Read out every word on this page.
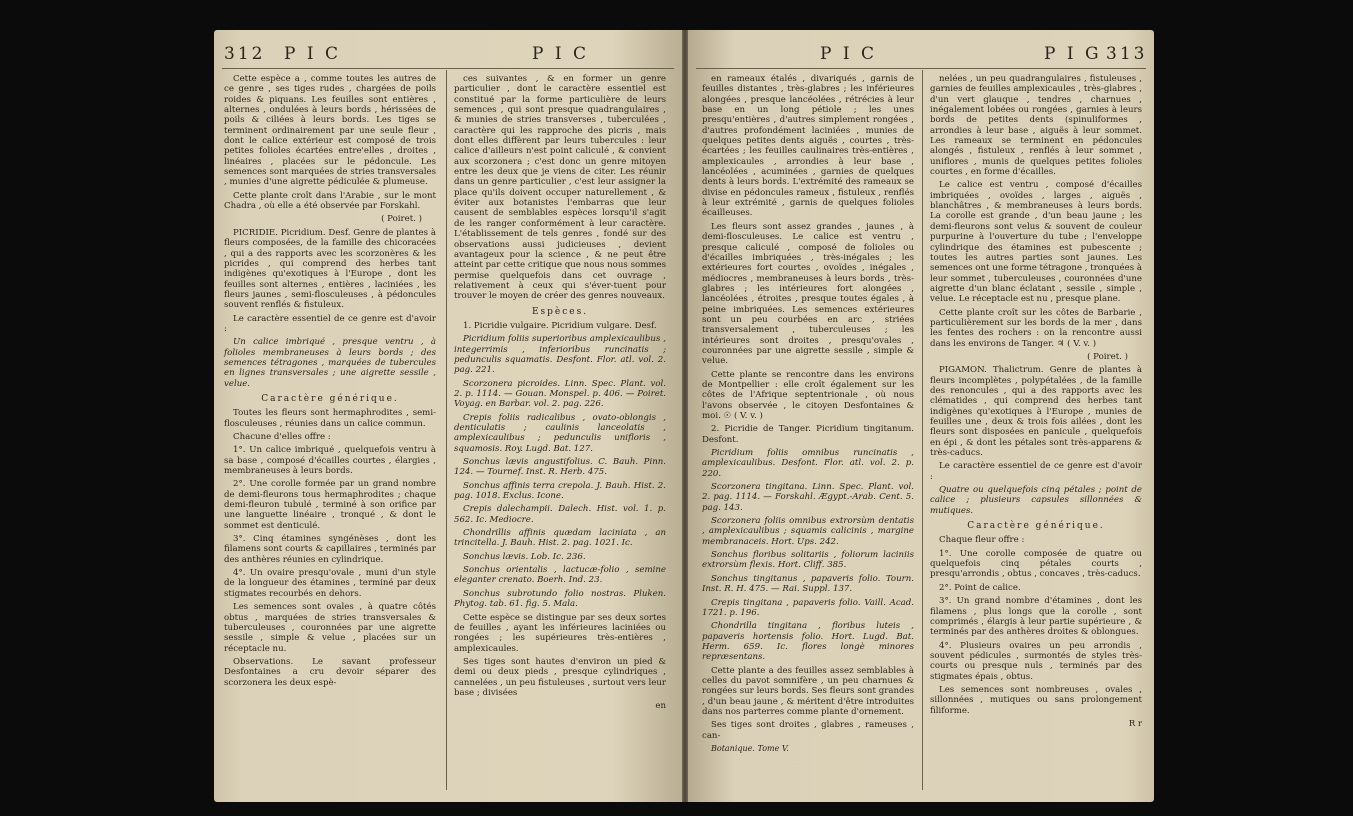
312 P I C	P I C

Cette espèce a , comme toutes les autres de ce genre , ses tiges rudes , chargées de poils roides & piquans. Les feuilles sont entières , alternes , ondulées à leurs bords , hérissées de poils & ciliées à leurs bords. Les tiges se terminent ordinairement par une seule fleur , dont le calice extérieur est composé de trois petites folioles écartées entre'elles , droites , linéaires , placées sur le pédoncule. Les semences sont marquées de stries transversales , munies d'une aigrette pédiculée & plumeuse.

Cette plante croît dans l'Arabie , sur le mont Chadra , où elle a été observée par Forskahl.

( Poiret. )

PICRIDIE. Picridium. Desf. Genre de plantes à fleurs composées, de la famille des chicoracées , qui a des rapports avec les scorzonères & les picrides , qui comprend des herbes tant indigènes qu'exotiques à l'Europe , dont les feuilles sont alternes , entières , laciniées , les fleurs jaunes , semi-flosculeuses , à pédoncules souvent renflés & fistuleux.

Le caractère essentiel de ce genre est d'avoir :

Un calice imbriqué , presque ventru , à folioles membraneuses à leurs bords ; des semences tétragones , marquées de tubercules en lignes transversales ; une aigrette sessile , velue.

Caractère générique.

Toutes les fleurs sont hermaphrodites , semi-flosculeuses , réunies dans un calice commun.

Chacune d'elles offre :

1°. Un calice imbriqué , quelquefois ventru à sa base , composé d'écailles courtes , élargies , membraneuses à leurs bords.

2°. Une corolle formée par un grand nombre de demi-fleurons tous hermaphrodites ; chaque demi-fleuron tubulé , terminé à son orifice par une languette linéaire , tronqué , & dont le sommet est denticulé.

3°. Cinq étamines syngénèses , dont les filamens sont courts & capillaires , terminés par des anthères réunies en cylindrique.

4°. Un ovaire presqu'ovale , muni d'un style de la longueur des étamines , terminé par deux stigmates recourbés en dehors.

Les semences sont ovales , à quatre côtés obtus , marquées de stries transversales & tuberculeuses , couronnées par une aigrette sessile , simple & velue , placées sur un réceptacle nu.

Observations. Le savant professeur Desfontaines a cru devoir séparer des scorzonera les deux espè-

ces suivantes , & en former un genre particulier , dont le caractère essentiel est constitué par la forme particulière de leurs semences , qui sont presque quadrangulaires , & munies de stries transverses , tuberculées , caractère qui les rapproche des picris , mais dont elles diffèrent par leurs tubercules : leur calice d'ailleurs n'est point caliculé , & convient aux scorzonera ; c'est donc un genre mitoyen entre les deux que je viens de citer. Les réunir dans un genre particulier , c'est leur assigner la place qu'ils doivent occuper naturellement , & éviter aux botanistes l'embarras que leur causent de semblables espèces lorsqu'il s'agit de les ranger conformément à leur caractère. L'établissement de tels genres , fondé sur des observations aussi judicieuses , devient avantageux pour la science , & ne peut être atteint par cette critique que nous nous sommes permise quelquefois dans cet ouvrage , relativement à ceux qui s'éver-tuent pour trouver le moyen de créer des genres nouveaux.

Espèces.

1. Picridie vulgaire. Picridium vulgare. Desf.

Picridium foliis superioribus amplexicaulibus , integerrimis , inferioribus runcinatis ; pedunculis squamatis. Desfont. Flor. atl. vol. 2. pag. 221.

Scorzonera picroides. Linn. Spec. Plant. vol. 2. p. 1114. — Gouan. Monspel. p. 406. — Poiret. Voyag. en Barbar. vol. 2. pag. 226.

Crepis foliis radicalibus , ovato-oblongis , denticulatis ; caulinis lanceolatis , amplexicaulibus ; pedunculis unifloris , squamosis. Roy. Lugd. Bat. 127.

Sonchus lævis angustifolius. C. Bauh. Pinn. 124. — Tournef. Inst. R. Herb. 475.

Sonchus affinis terra crepola. J. Bauh. Hist. 2. pag. 1018. Exclus. Icone.

Crepis dalechampii. Dalech. Hist. vol. 1. p. 562. Ic. Mediocre.

Chondrillis affinis quædam laciniata , an trincitella. J. Bauh. Hist. 2. pag. 1021. Ic.

Sonchus lævis. Lob. Ic. 236.

Sonchus orientalis , lactucæ-folio , semine eleganter crenato. Boerh. Ind. 23.

Sonchus subrotundo folio nostras. Pluken. Phytog. tab. 61. fig. 5. Mala.

Cette espèce se distingue par ses deux sortes de feuilles , ayant les inférieures laciniées ou rongées ; les supérieures très-entières , amplexicaules.

Ses tiges sont hautes d'environ un pied & demi ou deux pieds , presque cylindriques , cannelées , un peu fistuleuses , surtout vers leur base ; divisées

en

P I C	P I G 313

en rameaux étalés , divariqués , garnis de feuilles distantes , très-glabres ; les inférieures alongées , presque lancéolées , rétrécies à leur base en un long pétiole ; les unes presqu'entières , d'autres simplement rongées , d'autres profondément laciniées , munies de quelques petites dents aiguës , courtes , très-écartées ; les feuilles caulinaires très-entières , amplexicaules , arrondies à leur base , lancéolées , acuminées , garnies de quelques dents à leurs bords. L'extrémité des rameaux se divise en pédoncules rameux , fistuleux , renflés à leur extrémité , garnis de quelques folioles écailleuses.

Les fleurs sont assez grandes , jaunes , à demi-flosculeuses. Le calice est ventru , presque caliculé , composé de folioles ou d'écailles imbriquées , très-inégales ; les extérieures fort courtes , ovoïdes , inégales , médiocres , membraneuses à leurs bords , très-glabres ; les intérieures fort alongées , lancéolées , étroites , presque toutes égales , à peine imbriquées. Les semences extérieures sont un peu courbées en arc , striées transversalement , tuberculeuses ; les intérieures sont droites , presqu'ovales , couronnées par une aigrette sessile , simple & velue.

Cette plante se rencontre dans les environs de Montpellier : elle croît également sur les côtes de l'Afrique septentrionale , où nous l'avons observée , le citoyen Desfontaines & moi. ☉ ( V. v. )

2. Picridie de Tanger. Picridium tingitanum. Desfont.

Picridium foliis omnibus runcinatis , amplexicaulibus. Desfont. Flor. atl. vol. 2. p. 220.

Scorzonera tingitana. Linn. Spec. Plant. vol. 2. pag. 1114. — Forskahl. Ægypt.-Arab. Cent. 5. pag. 143.

Scorzonera foliis omnibus extrorsùm dentatis , amplexicaulibus ; squamis calicinis , margine membranaceis. Hort. Ups. 242.

Sonchus floribus solitariis , foliorum laciniis extrorsùm flexis. Hort. Cliff. 385.

Sonchus tingitanus , papaveris folio. Tourn. Inst. R. H. 475. — Rai. Suppl. 137.

Crepis tingitana , papaveris folio. Vaill. Acad. 1721. p. 196.

Chondrilla tingitana , floribus luteis , papaveris hortensis folio. Hort. Lugd. Bat. Herm. 659. Ic. flores longè minores repræsentans.

Cette plante a des feuilles assez semblables à celles du pavot somnifère , un peu charnues & rongées sur leurs bords. Ses fleurs sont grandes , d'un beau jaune , & méritent d'être introduites dans nos parterres comme plante d'ornement.

Ses tiges sont droites , glabres , rameuses , can-

Botanique. Tome V.

nelées , un peu quadrangulaires , fistuleuses , garnies de feuilles amplexicaules , très-glabres , d'un vert glauque , tendres , charnues , inégalement lobées ou rongées , garnies à leurs bords de petites dents (spinuliformes , arrondies à leur base , aiguës à leur sommet. Les rameaux se terminent en pédoncules alongés , fistuleux , renflés à leur sommet , uniflores , munis de quelques petites folioles courtes , en forme d'écailles.

Le calice est ventru , composé d'écailles imbriquées , ovoïdes , larges , aiguës , blanchâtres , & membraneuses à leurs bords. La corolle est grande , d'un beau jaune ; les demi-fleurons sont velus & souvent de couleur purpurine à l'ouverture du tube ; l'enveloppe cylindrique des étamines est pubescente ; toutes les autres parties sont jaunes. Les semences ont une forme tétragone , tronquées à leur sommet , tuberculeuses , couronnées d'une aigrette d'un blanc éclatant , sessile , simple , velue. Le réceptacle est nu , presque plane.

Cette plante croît sur les côtes de Barbarie , particulièrement sur les bords de la mer , dans les fentes des rochers : on la rencontre aussi dans les environs de Tanger. ♃ ( V. v. )

( Poiret. )

PIGAMON. Thalictrum. Genre de plantes à fleurs incomplètes , polypétalées , de la famille des renoncules , qui a des rapports avec les clématides , qui comprend des herbes tant indigènes qu'exotiques à l'Europe , munies de feuilles une , deux & trois fois ailées , dont les fleurs sont disposées en panicule , quelquefois en épi , & dont les pétales sont très-apparens & très-caducs.

Le caractère essentiel de ce genre est d'avoir :

Quatre ou quelquefois cinq pétales ; point de calice ; plusieurs capsules sillonnées & mutiques.

Caractère générique.

Chaque fleur offre :

1°. Une corolle composée de quatre ou quelquefois cinq pétales courts , presqu'arrondis , obtus , concaves , très-caducs.

2°. Point de calice.

3°. Un grand nombre d'étamines , dont les filamens , plus longs que la corolle , sont comprimés , élargis à leur partie supérieure , & terminés par des anthères droites & oblongues.

4°. Plusieurs ovaires un peu arrondis , souvent pédicules , surmontés de styles très-courts ou presque nuls , terminés par des stigmates épais , obtus.

Les semences sont nombreuses , ovales , sillonnées , mutiques ou sans prolongement filiforme.

R r
